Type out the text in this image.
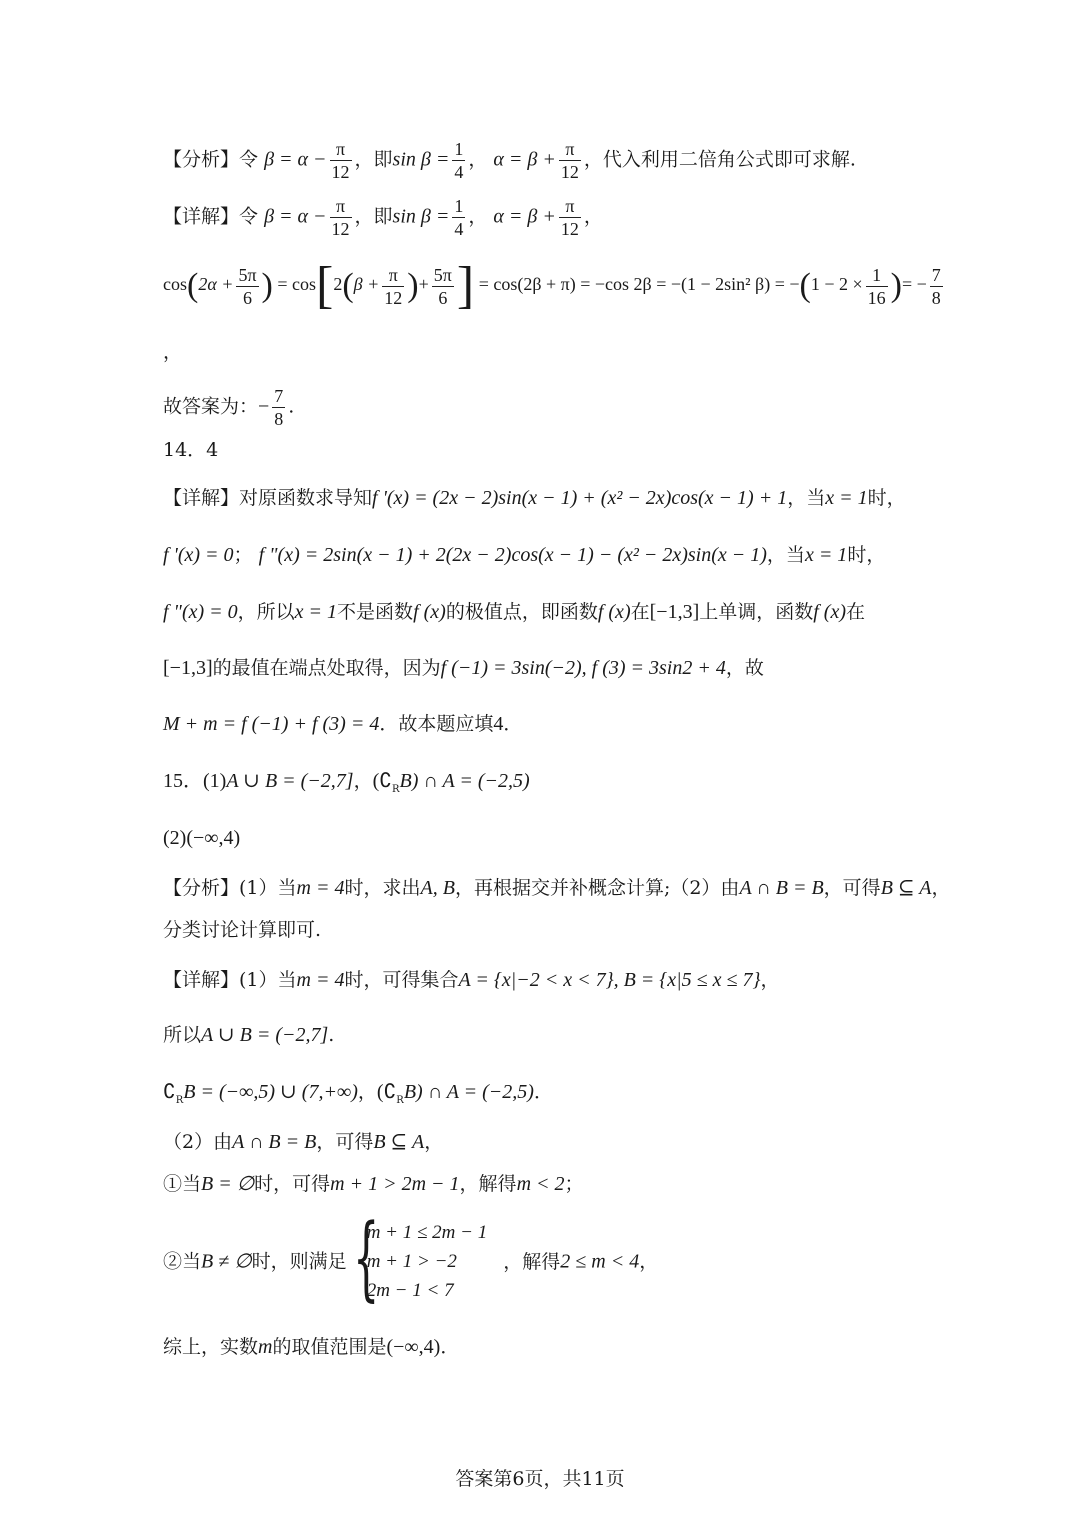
【分析】令 $\beta = \alpha - \frac{\pi}{12}$ ，即$\sin \beta = \frac{1}{4}$ ， $\alpha = \beta + \frac{\pi}{12}$ ，代入利用二倍角公式即可求解.
【详解】令 $\beta = \alpha - \frac{\pi}{12}$ ，即$\sin \beta = \frac{1}{4}$ ， $\alpha = \beta + \frac{\pi}{12}$ ，
$\cos(2\alpha + \frac{5\pi}{6}$ ) = $\cos[2(\beta + \frac{\pi}{12}$ )+ $\frac{5\pi}{6}$ ] = cos(2β + π) = −cos 2β = −(1 − 2sin² $\beta) = -(1 - 2 \times \frac{1}{16}$ )= − $\frac{7}{8}$
，
故答案为：− $\frac{7}{8}$ .
14．4
【详解】对原函数求导知f '(x) = (2x − 2)sin(x − 1) + (x² − 2x)cos(x − 1) + 1，当x = 1时，
f '(x) = 0； f "(x) = 2sin(x − 1) + 2(2x − 2)cos(x − 1) − (x² − 2x)sin(x − 1)，当x = 1时，
f "(x) = 0，所以x = 1不是函数f (x)的极值点，即函数f (x)在[−1,3]上单调，函数f (x)在
[−1,3]的最值在端点处取得，因为f (−1) = 3sin(−2), f (3) = 3sin2 + 4，故
M + m = f (−1) + f (3) = 4．故本题应填4．
15．(1)A ∪ B = (−2,7]，$(∁_RB)$ ∩ A = (−2,5)
(2)(−∞,4)
【分析】(1）当m = 4时，求出A, B，再根据交并补概念计算;（2）由A ∩ B = B，可得B ⊆ A，
分类讨论计算即可.
【详解】(1）当m = 4时，可得集合A = {x|−2 < x < 7}, B = {x|5 ≤ x ≤ 7}，
所以A ∪ B = (−2,7].
$∁_RB = (-\infty,5)$ ∪ (7,+∞)，$(∁_RB)$ ∩ A = (−2,5)．
（2）由A ∩ B = B，可得B ⊆ A，
①当B = ∅时，可得m + 1 > 2m − 1，解得m < 2；
②当B ≠ ∅时，则满足 {
m + 1 ≤ 2m − 1
m + 1 > −2
2m − 1 < 7
，解得2 ≤ m < 4，
综上，实数m的取值范围是(−∞,4)．
答案第6页，共11页
